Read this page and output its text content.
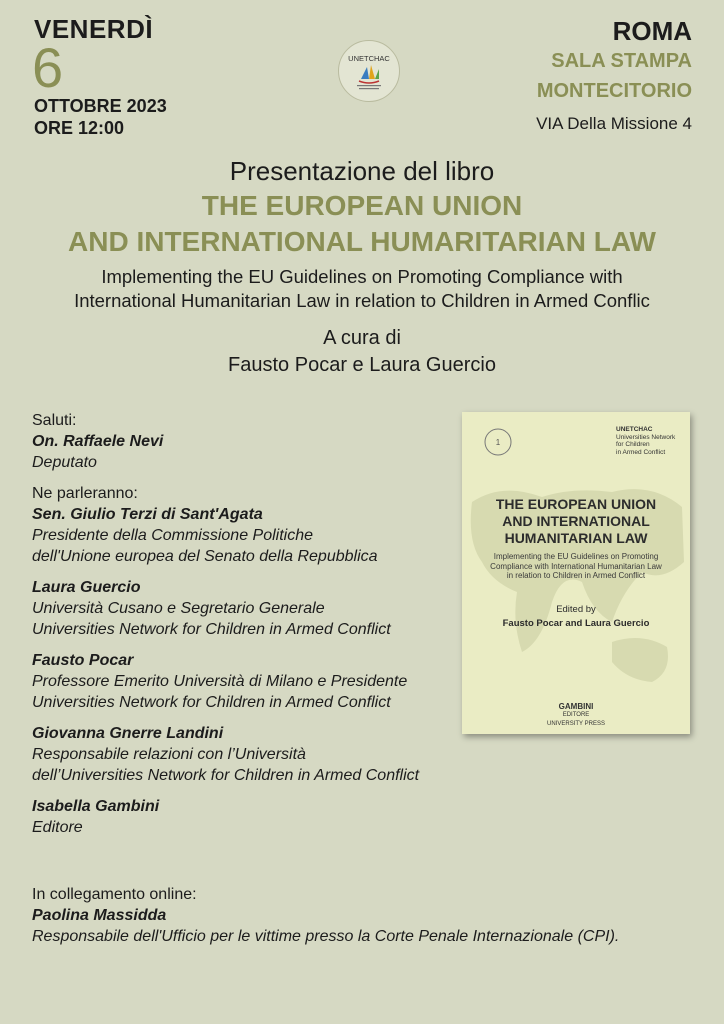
VENERDÌ
6
OTTOBRE 2023
ORE 12:00
UNETCHAC
ROMA
SALA STAMPA
MONTECITORIO
VIA Della Missione 4
Presentazione del libro
THE EUROPEAN UNION
AND INTERNATIONAL HUMARITARIAN LAW
Implementing the EU Guidelines on Promoting Compliance with
International Humanitarian Law in relation to Children in Armed Conflic
A cura di
Fausto Pocar e Laura Guercio
Saluti:
On. Raffaele Nevi
Deputato
Ne parleranno:
Sen. Giulio Terzi di Sant'Agata
Presidente della Commissione Politiche
dell'Unione europea del Senato della Repubblica
Laura Guercio
Università Cusano e Segretario Generale
Universities Network for Children in Armed Conflict
Fausto Pocar
Professore Emerito Università di Milano e Presidente
Universities Network for Children in Armed Conflict
Giovanna Gnerre Landini
Responsabile relazioni con l’Università
dell’Universities Network for Children in Armed Conflict
Isabella Gambini
Editore
In collegamento online:
Paolina Massidda
Responsabile dell'Ufficio per le vittime presso la Corte Penale Internazionale (CPI).
1
UNETCHAC
Universities Network
for Children
in Armed Conflict
THE EUROPEAN UNION
AND INTERNATIONAL
HUMANITARIAN LAW
Implementing the EU Guidelines on Promoting
Compliance with International Humanitarian Law
in relation to Children in Armed Conflict
Edited by
Fausto Pocar and Laura Guercio
GAMBINI
EDITORE
UNIVERSITY PRESS
